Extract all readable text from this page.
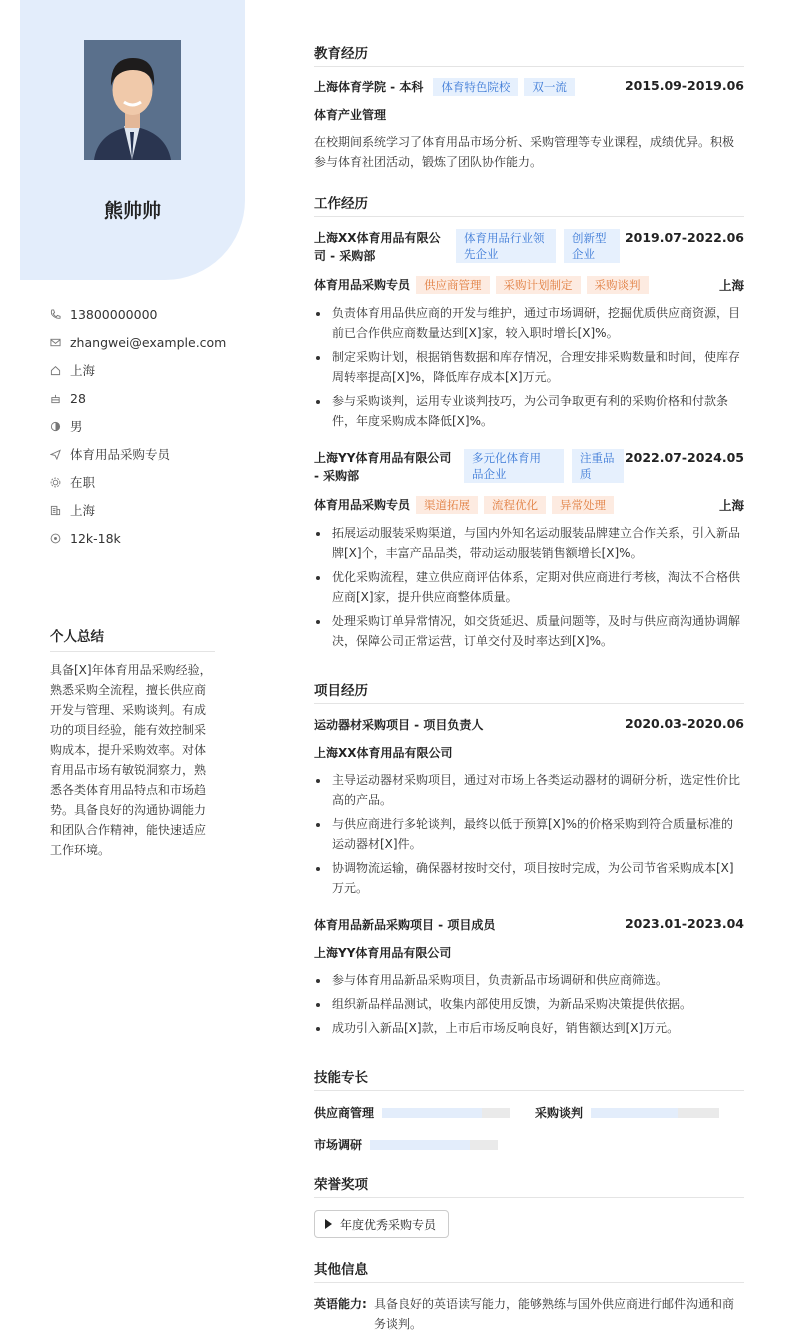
熊帅帅
13800000000
zhangwei@example.com
上海
28
男
体育用品采购专员
在职
上海
12k-18k
个人总结
具备[X]年体育用品采购经验，熟悉采购全流程，擅长供应商开发与管理、采购谈判。有成功的项目经验，能有效控制采购成本，提升采购效率。对体育用品市场有敏锐洞察力，熟悉各类体育用品特点和市场趋势。具备良好的沟通协调能力和团队合作精神，能快速适应工作环境。
教育经历
上海体育学院 - 本科	体育特色院校	双一流	2015.09-2019.06
体育产业管理
在校期间系统学习了体育用品市场分析、采购管理等专业课程，成绩优异。积极参与体育社团活动，锻炼了团队协作能力。
工作经历
上海XX体育用品有限公
司 - 采购部
体育用品行业领
先企业
创新型
企业
2019.07-2022.06
体育用品采购专员	供应商管理	采购计划制定	采购谈判	上海
负责体育用品供应商的开发与维护，通过市场调研，挖掘优质供应商资源，目前已合作供应商数量达到[X]家，较入职时增长[X]%。
制定采购计划，根据销售数据和库存情况，合理安排采购数量和时间，使库存周转率提高[X]%，降低库存成本[X]万元。
参与采购谈判，运用专业谈判技巧，为公司争取更有利的采购价格和付款条件，年度采购成本降低[X]%。
上海YY体育用品有限公司
- 采购部
多元化体育用
品企业
注重品
质
2022.07-2024.05
体育用品采购专员	渠道拓展	流程优化	异常处理	上海
拓展运动服装采购渠道，与国内外知名运动服装品牌建立合作关系，引入新品牌[X]个，丰富产品品类，带动运动服装销售额增长[X]%。
优化采购流程，建立供应商评估体系，定期对供应商进行考核，淘汰不合格供应商[X]家，提升供应商整体质量。
处理采购订单异常情况，如交货延迟、质量问题等，及时与供应商沟通协调解决，保障公司正常运营，订单交付及时率达到[X]%。
项目经历
运动器材采购项目 - 项目负责人	2020.03-2020.06
上海XX体育用品有限公司
主导运动器材采购项目，通过对市场上各类运动器材的调研分析，选定性价比高的产品。
与供应商进行多轮谈判，最终以低于预算[X]%的价格采购到符合质量标准的运动器材[X]件。
协调物流运输，确保器材按时交付，项目按时完成，为公司节省采购成本[X]万元。
体育用品新品采购项目 - 项目成员	2023.01-2023.04
上海YY体育用品有限公司
参与体育用品新品采购项目，负责新品市场调研和供应商筛选。
组织新品样品测试，收集内部使用反馈，为新品采购决策提供依据。
成功引入新品[X]款，上市后市场反响良好，销售额达到[X]万元。
技能专长
供应商管理	采购谈判
市场调研
荣誉奖项
年度优秀采购专员
其他信息
英语能力: 具备良好的英语读写能力，能够熟练与国外供应商进行邮件沟通和商
务谈判。
